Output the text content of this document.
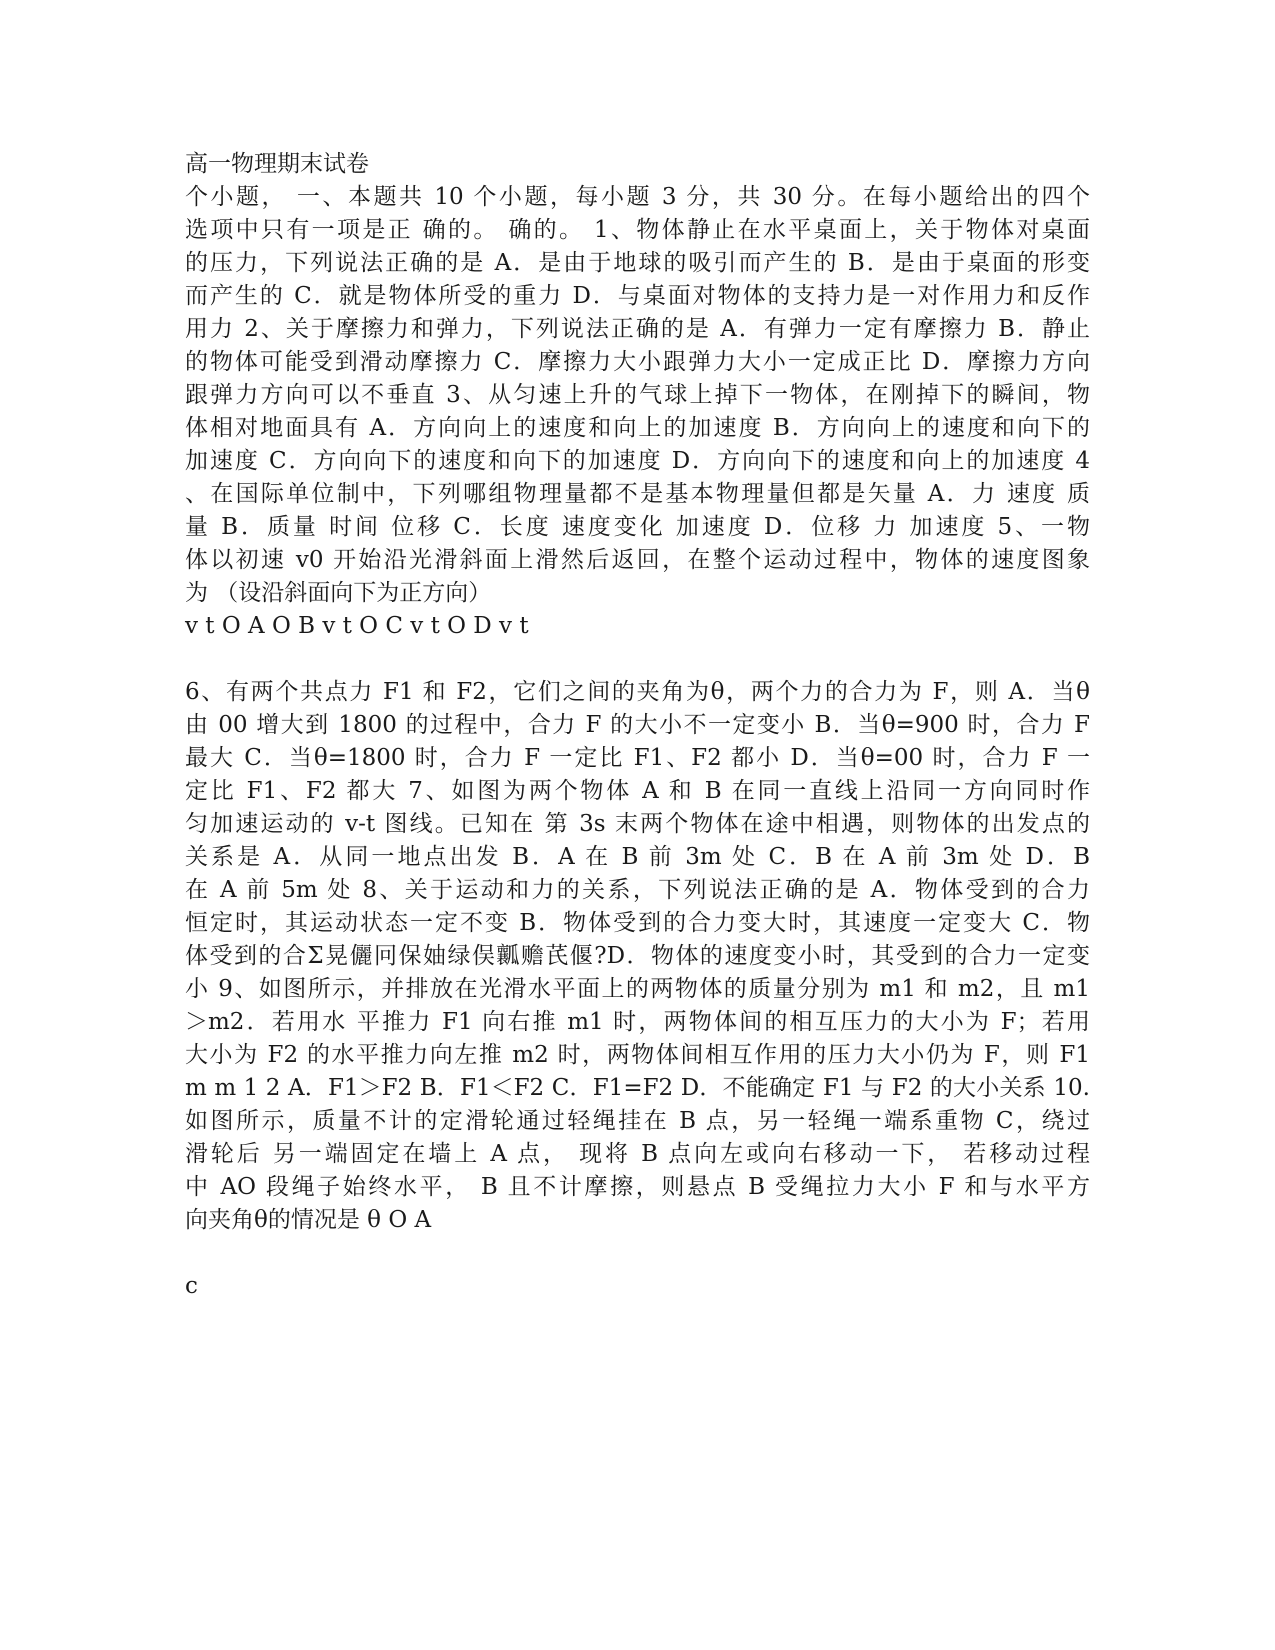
高一物理期末试卷
个小题， 一、本题共 10 个小题，每小题 3 分，共 30 分。在每小题给出的四个
选项中只有一项是正 确的。 确的。 1、物体静止在水平桌面上，关于物体对桌面
的压力，下列说法正确的是 A．是由于地球的吸引而产生的 B．是由于桌面的形变
而产生的 C．就是物体所受的重力 D．与桌面对物体的支持力是一对作用力和反作
用力 2、关于摩擦力和弹力，下列说法正确的是 A．有弹力一定有摩擦力 B．静止
的物体可能受到滑动摩擦力 C．摩擦力大小跟弹力大小一定成正比 D．摩擦力方向
跟弹力方向可以不垂直 3、从匀速上升的气球上掉下一物体，在刚掉下的瞬间，物
体相对地面具有 A．方向向上的速度和向上的加速度 B．方向向上的速度和向下的
加速度 C．方向向下的速度和向下的加速度 D．方向向下的速度和向上的加速度 4
、在国际单位制中，下列哪组物理量都不是基本物理量但都是矢量 A．力 速度 质
量 B．质量 时间 位移 C．长度 速度变化 加速度 D．位移 力 加速度 5、一物
体以初速 v0 开始沿光滑斜面上滑然后返回，在整个运动过程中，物体的速度图象
为 （设沿斜面向下为正方向）
v t O A O B v t O C v t O D v t
6、有两个共点力 F1 和 F2，它们之间的夹角为θ，两个力的合力为 F，则 A．当θ
由 00 增大到 1800 的过程中，合力 F 的大小不一定变小 B．当θ=900 时，合力 F
最大 C．当θ=1800 时，合力 F 一定比 F1、F2 都小 D．当θ=00 时，合力 F 一
定比 F1、F2 都大 7、如图为两个物体 A 和 B 在同一直线上沿同一方向同时作
匀加速运动的 v-t 图线。已知在 第 3s 末两个物体在途中相遇，则物体的出发点的
关系是 A．从同一地点出发 B．A 在 B 前 3m 处 C．B 在 A 前 3m 处 D．B
在 A 前 5m 处 8、关于运动和力的关系，下列说法正确的是 A．物体受到的合力
恒定时，其运动状态一定不变 B．物体受到的合力变大时，其速度一定变大 C．物
体受到的合Σ晃儷冋保妯绿俣瓤赡芪偃?D．物体的速度变小时，其受到的合力一定变
小 9、如图所示，并排放在光滑水平面上的两物体的质量分别为 m1 和 m2，且 m1
＞m2．若用水 平推力 F1 向右推 m1 时，两物体间的相互压力的大小为 F；若用
大小为 F2 的水平推力向左推 m2 时，两物体间相互作用的压力大小仍为 F，则 F1
m m 1 2 A．F1＞F2 B．F1＜F2 C．F1=F2 D．不能确定 F1 与 F2 的大小关系 10.
如图所示，质量不计的定滑轮通过轻绳挂在 B 点，另一轻绳一端系重物 C，绕过
滑轮后 另一端固定在墙上 A 点， 现将 B 点向左或向右移动一下， 若移动过程
中 AO 段绳子始终水平， B 且不计摩擦，则悬点 B 受绳拉力大小 F 和与水平方
向夹角θ的情况是 θ O A
c
